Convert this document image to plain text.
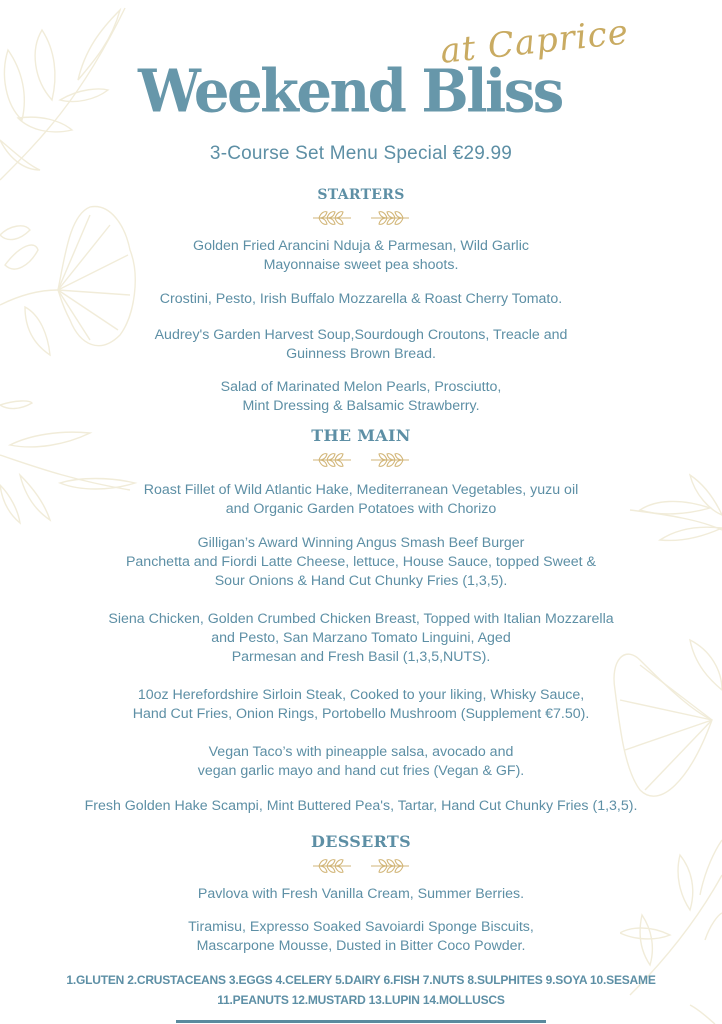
Weekend Bliss
at Caprice
3-Course Set Menu Special €29.99
STARTERS
Golden Fried Arancini Nduja & Parmesan, Wild Garlic
Mayonnaise sweet pea shoots.
Crostini, Pesto, Irish Buffalo Mozzarella & Roast Cherry Tomato.
Audrey's Garden Harvest Soup,Sourdough Croutons, Treacle and
Guinness Brown Bread.
Salad of Marinated Melon Pearls, Prosciutto,
Mint Dressing & Balsamic Strawberry.
THE MAIN
Roast Fillet of Wild Atlantic Hake, Mediterranean Vegetables, yuzu oil
and Organic Garden Potatoes with Chorizo
Gilligan’s Award Winning Angus Smash Beef Burger
Panchetta and Fiordi Latte Cheese, lettuce, House Sauce, topped Sweet &
Sour Onions & Hand Cut Chunky Fries (1,3,5).
Siena Chicken, Golden Crumbed Chicken Breast, Topped with Italian Mozzarella
and Pesto, San Marzano Tomato Linguini, Aged
Parmesan and Fresh Basil (1,3,5,NUTS).
10oz Herefordshire Sirloin Steak, Cooked to your liking, Whisky Sauce,
Hand Cut Fries, Onion Rings, Portobello Mushroom (Supplement €7.50).
Vegan Taco’s with pineapple salsa, avocado and
vegan garlic mayo and hand cut fries (Vegan & GF).
Fresh Golden Hake Scampi, Mint Buttered Pea's, Tartar, Hand Cut Chunky Fries (1,3,5).
DESSERTS
Pavlova with Fresh Vanilla Cream, Summer Berries.
Tiramisu, Expresso Soaked Savoiardi Sponge Biscuits,
Mascarpone Mousse, Dusted in Bitter Coco Powder.
1.GLUTEN 2.CRUSTACEANS 3.EGGS 4.CELERY 5.DAIRY 6.FISH 7.NUTS 8.SULPHITES 9.SOYA 10.SESAME
11.PEANUTS 12.MUSTARD 13.LUPIN 14.MOLLUSCS
